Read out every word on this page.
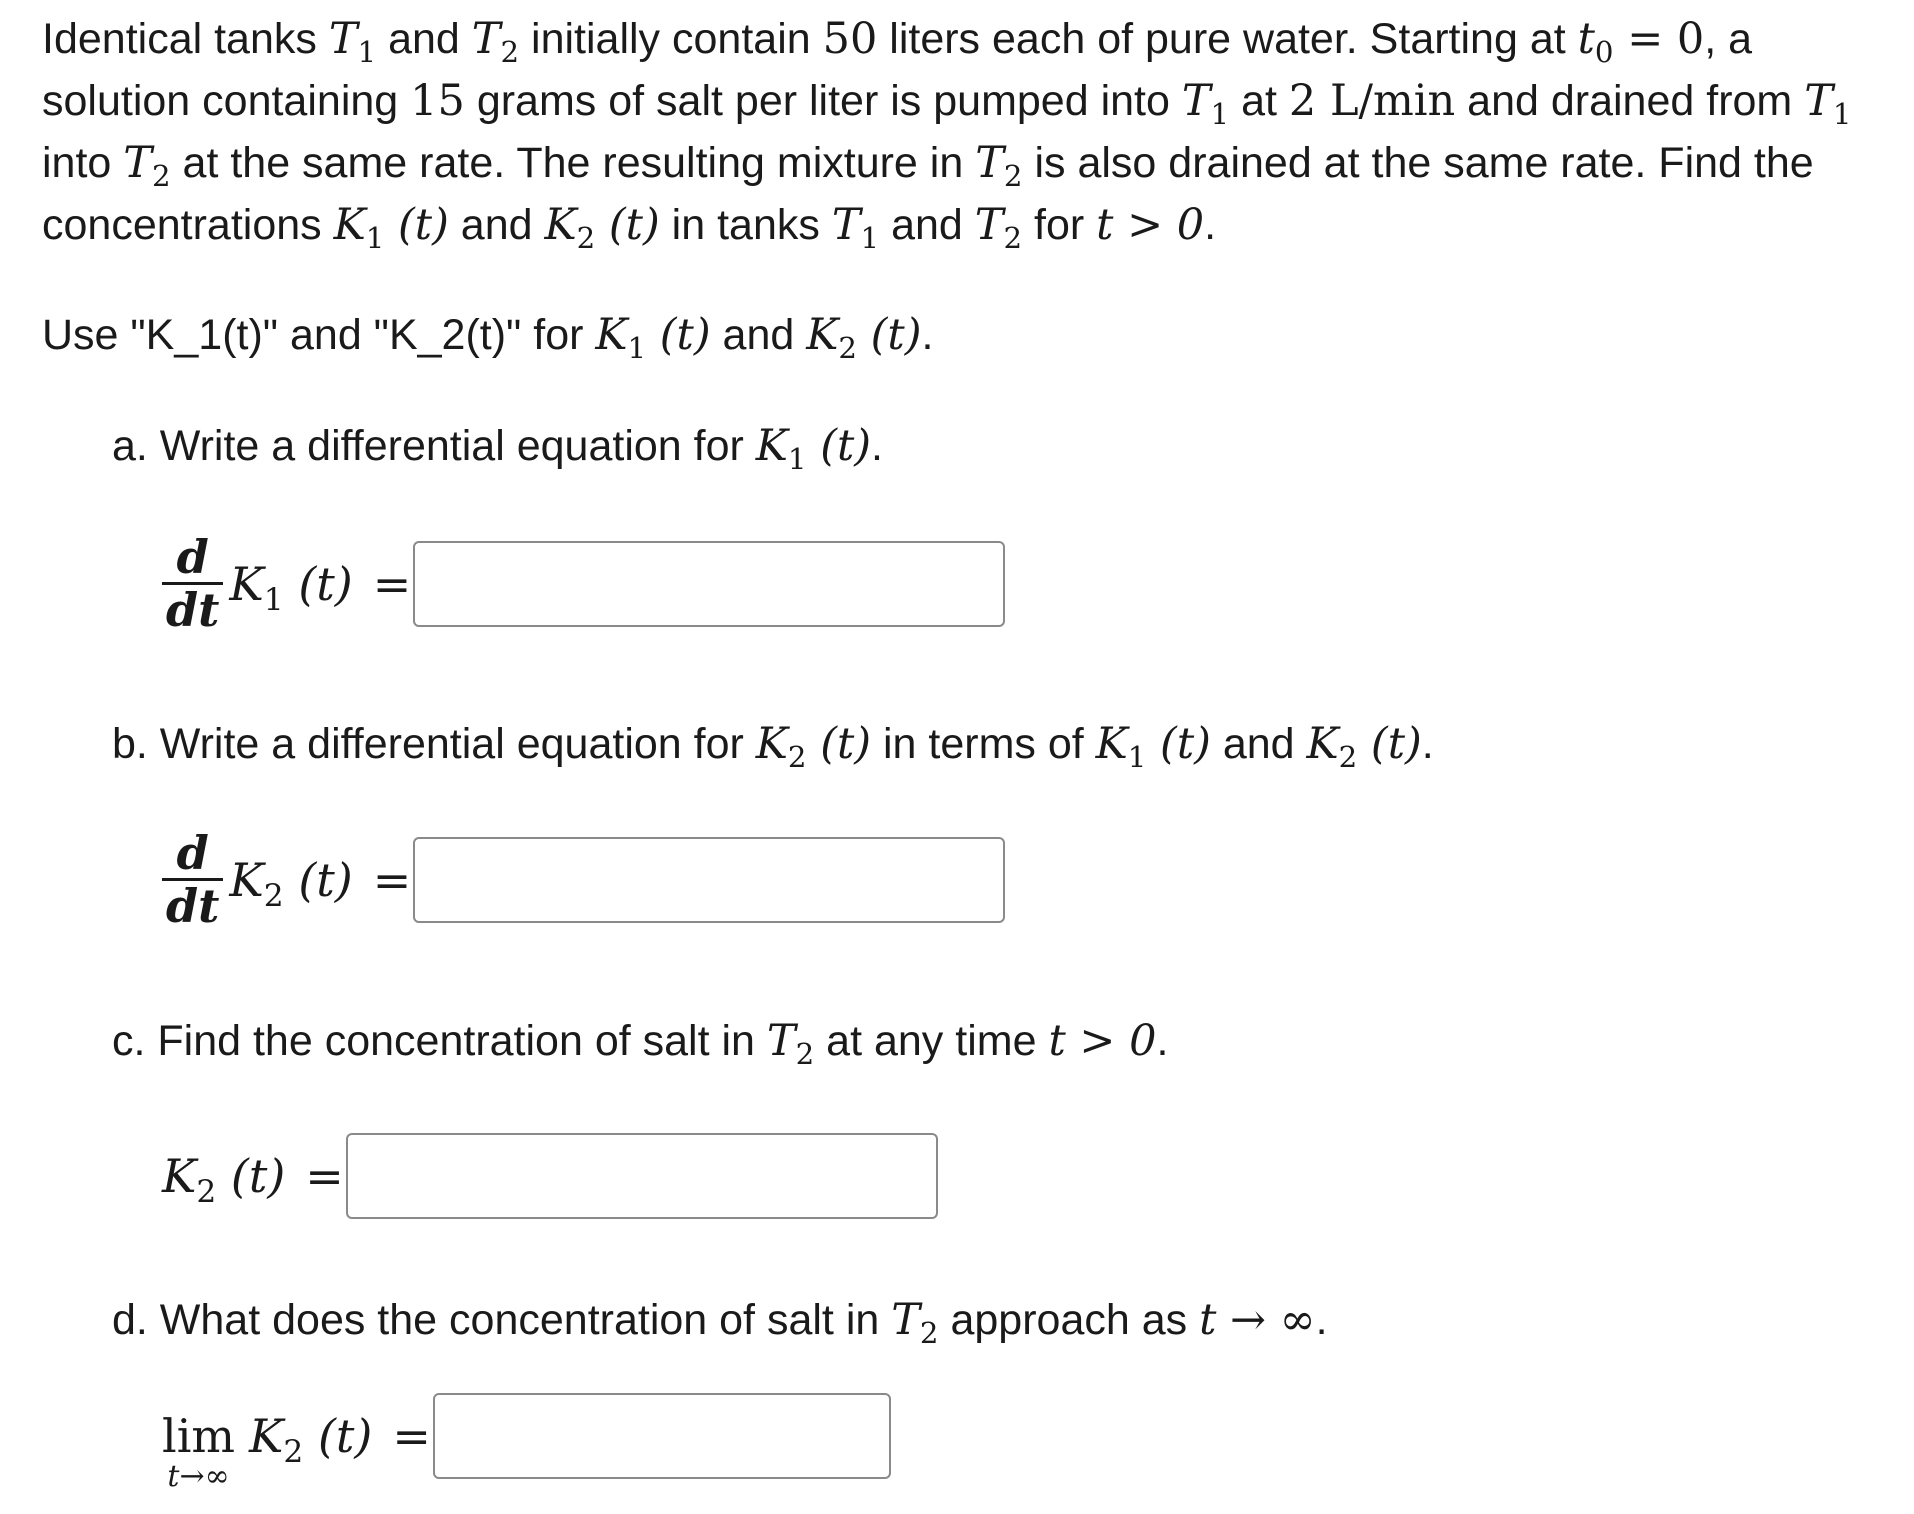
Identical tanks $T_1$ and $T_2$ initially contain 50 liters each of pure water. Starting at $t_0 = 0$, a solution containing 15 grams of salt per liter is pumped into $T_1$ at 2 L/min and drained from $T_1$ into $T_2$ at the same rate. The resulting mixture in $T_2$ is also drained at the same rate. Find the concentrations $K_1$ (t) and $K_2$ (t) in tanks $T_1$ and $T_2$ for t > 0.

Use "K_1(t)" and "K_2(t)" for $K_1$ (t) and $K_2$ (t).

a. Write a differential equation for $K_1$ (t).

$\frac{d}{dt} K_1$ (t) =

b. Write a differential equation for $K_2$ (t) in terms of $K_1$ (t) and $K_2$ (t).

$\frac{d}{dt} K_2$ (t) =

c. Find the concentration of salt in $T_2$ at any time t > 0.

$K_2$ (t) =

d. What does the concentration of salt in $T_2$ approach as t → ∞.

lim
t→∞
$K_2$ (t) =
